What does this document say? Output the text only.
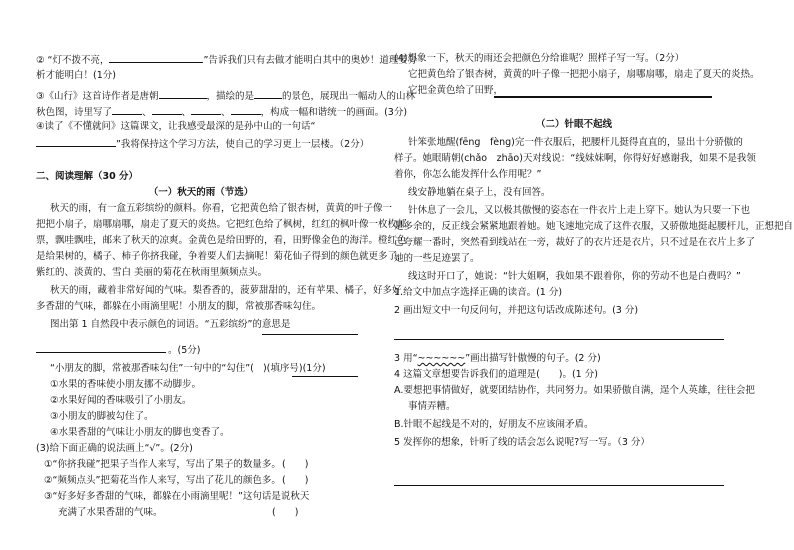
② “灯不拨不亮，	”告诉我们只有去做才能明白其中的奥妙！道理要分
析才能明白！(1分)
③《山行》这首诗作者是唐朝	，描绘的是	的景色，展现出一幅动人的山林
秋色图，诗里写了	、	、	、	，构成一幅和谐统一的画面。(3分)
④读了《不懂就问》这篇课文，让我感受最深的是孙中山的一句话“
”我将保持这个学习方法，使自己的学习更上一层楼。（2分）
二、阅读理解（30 分）
（一）秋天的雨（节选）
秋天的雨，有一盒五彩缤纷的颜料。你看，它把黄色给了银杏树，黄黄的叶子像一
把把小扇子，扇哪扇哪，扇走了夏天的炎热。它把红色给了枫树，红红的枫叶像一枚枚邮
票，飘哇飘哇，邮来了秋天的凉爽。金黄色是给田野的，看，田野像金色的海洋。橙红色
是给果树的，橘子、柿子你挤我碰，争着要人们去摘呢！菊花仙子得到的颜色就更多了，
紫红的、淡黄的、雪白 美丽的菊花在秋雨里频频点头。
秋天的雨，藏着非常好闻的气味。梨香香的，菠萝甜甜的，还有苹果、橘子，好多好
多香甜的气味，都躲在小雨滴里呢！小朋友的脚，常被那香味勾住。
图出第 1 自然段中表示颜色的词语。“五彩缤纷”的意思是
。(5分)
“小朋友的脚，常被那香味勾住”一句中的“勾住”( )(填序号)(1分)
①水果的香味使小朋友挪不动脚步。
②水果好闻的香味吸引了小朋友。
③小朋友的脚被勾住了。
④水果香甜的气味让小朋友的脚也变香了。
(3)给下面正确的说法画上“√”。(2分)
①“你挤我碰”把果子当作人来写，写出了果子的数量多。 (　　)
②“频频点头”把菊花当作人来写，写出了花儿的颜色多。 (　　)
③“好多好多香甜的气味，都躲在小雨滴里呢！”这句话是说秋天
充满了水果香甜的气味。	(　　)
(4)想象一下，秋天的雨还会把颜色分给谁呢？照样子写一写。（2分）
它把黄色给了银杏树，黄黄的叶子像一把把小扇子，扇哪扇哪，扇走了夏天的炎热。
它把金黄色给了田野，
（二）针眼不起线
针笨张地醒(fēng　fèng)完一件衣服后，把腰杆儿挺得直直的，显出十分骄傲的
样子。她眼睛朝(chǎo　zhāo)天对线说：“线妹妹啊，你得好好感谢我，如果不是我领
着你，你怎么能发挥什么作用呢？”
线安静地躺在桌子上，没有回答。
针休息了一会儿，又以极其傲慢的姿态在一件衣片上走上穿下。她认为只要一下也
是多余的，反正线会紧紧地跟着她。她飞速地完成了这件衣服，又骄傲地挺起腰杆儿，正想把自
己夸耀一番时，突然看到线站在一旁，裁好了的衣片还是衣片，只不过是在衣片上多了
她的一些足迹罢了。
线这时开口了，她说：“针大姐啊，我如果不跟着你，你的劳动不也是白费吗？”
1.给文中加点字选择正确的读音。(1 分)
2 画出短文中一句反问句，并把这句话改成陈述句。(3 分)
3 用“~~~~~~”画出描写针傲慢的句子。(2 分)
4 这篇文章想要告诉我们的道理是(　　)。(1 分)
A.要想把事情做好，就要团结协作，共同努力。如果骄傲自满，逞个人英雄，往往会把
事情弄糟。
B.针眼不起线是不对的，好朋友不应该闹矛盾。
5 发挥你的想象，针听了线的话会怎么说呢?写一写。（3 分）
